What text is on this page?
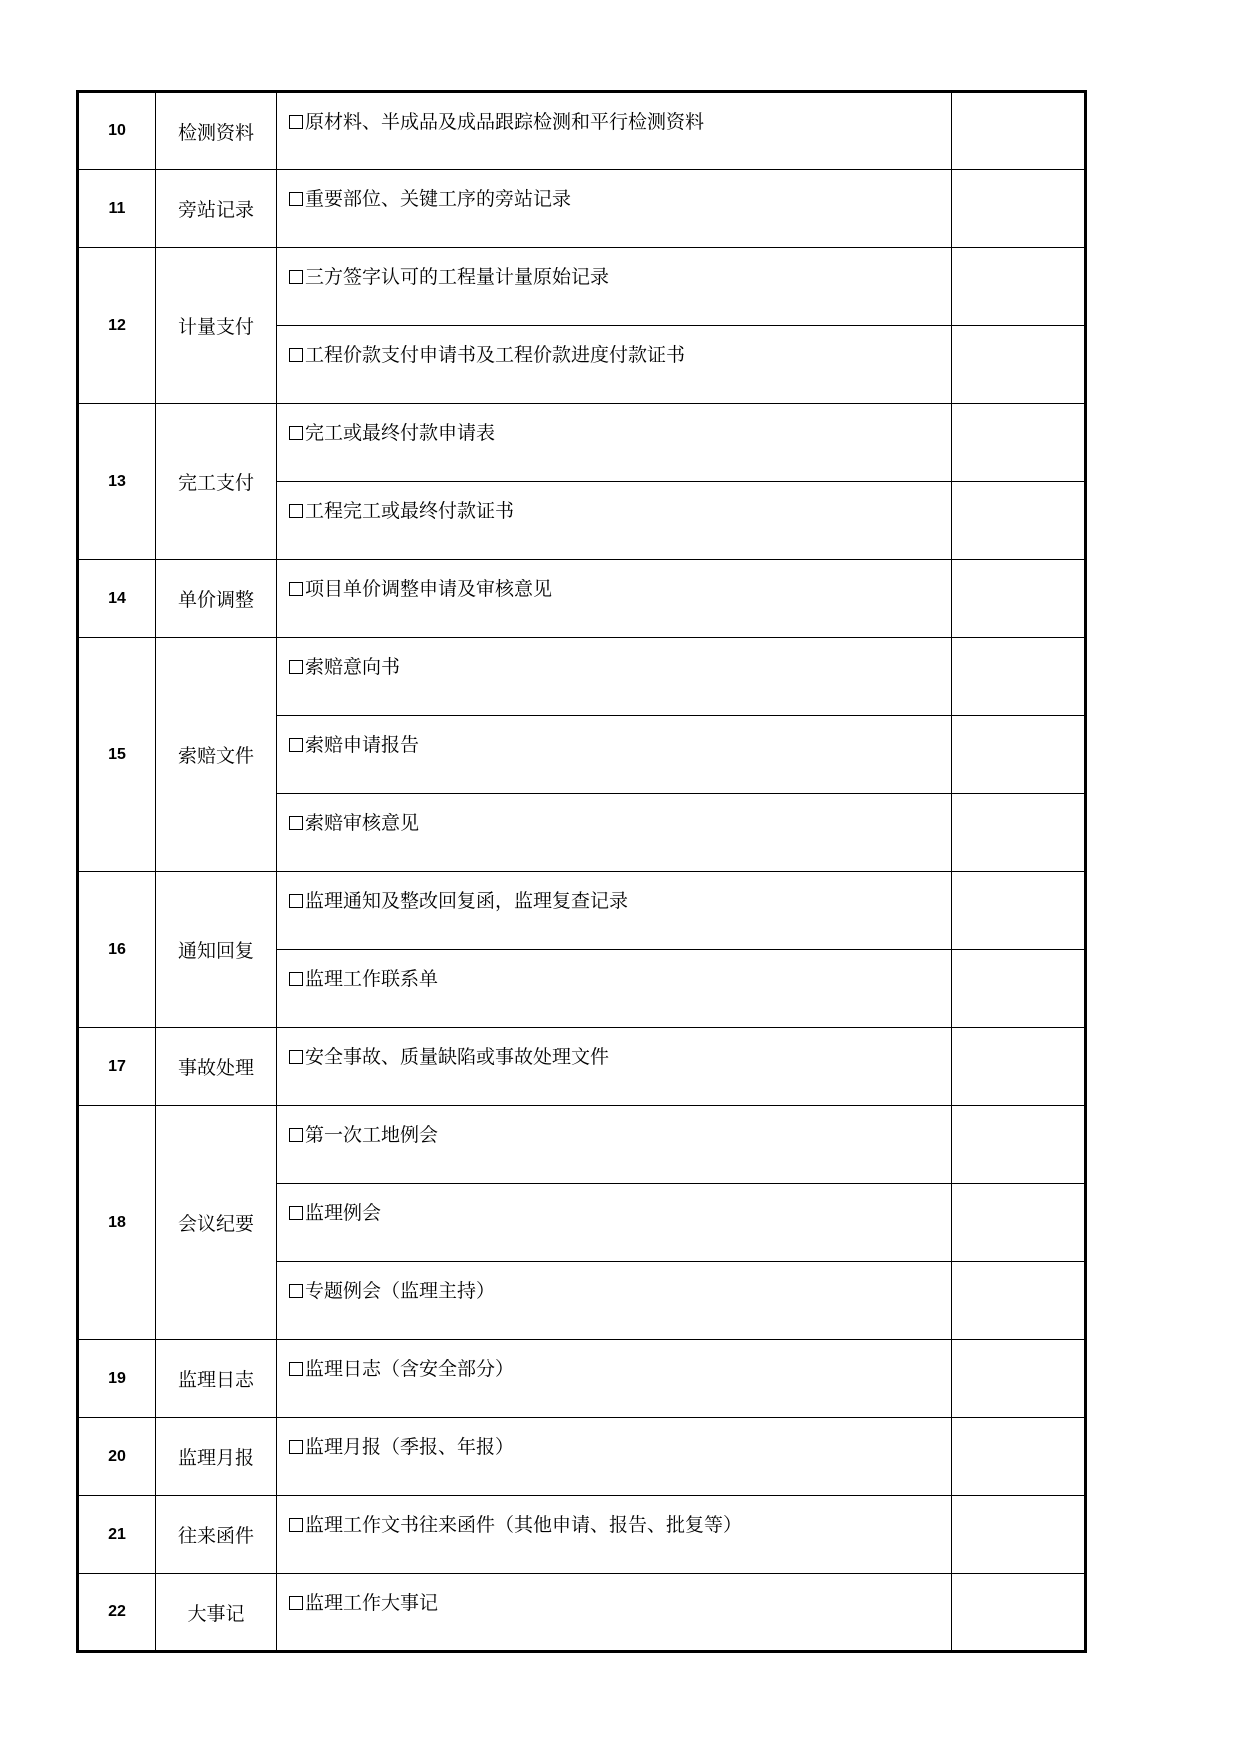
10	检测资料	原材料、半成品及成品跟踪检测和平行检测资料	
11	旁站记录	重要部位、关键工序的旁站记录	
12	计量支付	三方签字认可的工程量计量原始记录	
		工程价款支付申请书及工程价款进度付款证书	
13	完工支付	完工或最终付款申请表	
		工程完工或最终付款证书	
14	单价调整	项目单价调整申请及审核意见	
15	索赔文件	索赔意向书	
		索赔申请报告	
		索赔审核意见	
16	通知回复	监理通知及整改回复函，监理复查记录	
		监理工作联系单	
17	事故处理	安全事故、质量缺陷或事故处理文件	
18	会议纪要	第一次工地例会	
		监理例会	
		专题例会（监理主持）	
19	监理日志	监理日志（含安全部分）	
20	监理月报	监理月报（季报、年报）	
21	往来函件	监理工作文书往来函件（其他申请、报告、批复等）	
22	大事记	监理工作大事记	
